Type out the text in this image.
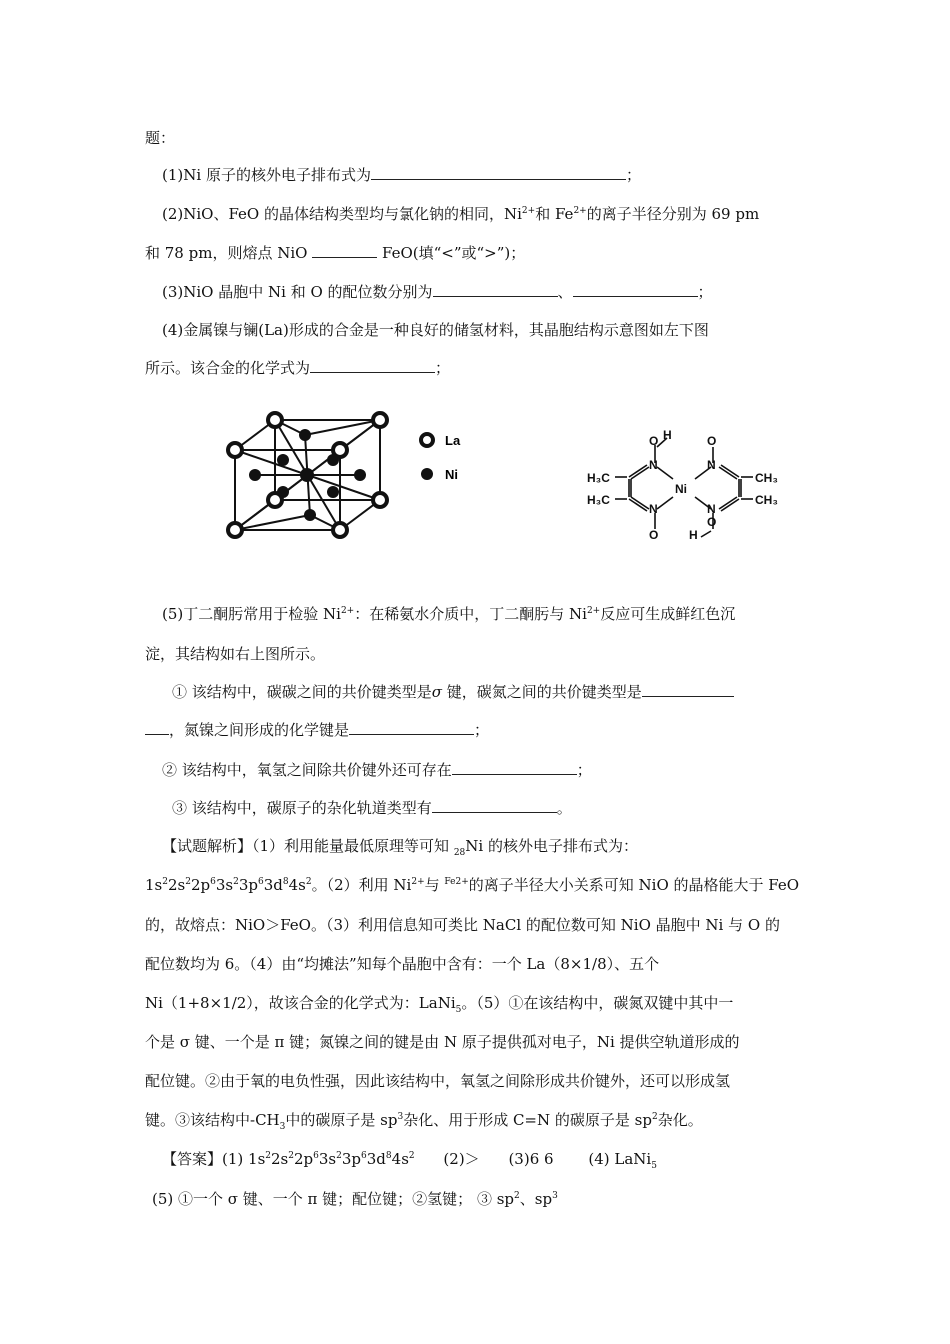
题：
(1)Ni 原子的核外电子排布式为	；
(2)NiO、FeO 的晶体结构类型均与氯化钠的相同，$Ni^{2+}$和 $Fe^{2+}$的离子半径分别为 69 pm
和 78 pm，则熔点 NiO	FeO(填“<”或“>”)；
(3)NiO 晶胞中 Ni 和 O 的配位数分别为	、	；
(4)金属镍与镧(La)形成的合金是一种良好的储氢材料，其晶胞结构示意图如左下图
所示。该合金的化学式为	；
La
Ni
H
O
N
H₃C
H₃C
N
O
Ni
O
N
CH₃
CH₃
N
O
H
(5)丁二酮肟常用于检验 $Ni^{2+}$：在稀氨水介质中，丁二酮肟与 $Ni^{2+}$反应可生成鲜红色沉
淀，其结构如右上图所示。
① 该结构中，碳碳之间的共价键类型是σ 键，碳氮之间的共价键类型是
，氮镍之间形成的化学键是	；
② 该结构中，氧氢之间除共价键外还可存在	；
③ 该结构中，碳原子的杂化轨道类型有	。
【试题解析】（1）利用能量最低原理等可知 $_{28}$Ni 的核外电子排布式为：
$1s^22s^22p^63s^23p^63d^84s^2$。（2）利用 $Ni^{2+}$与 $^{Fe2+}$的离子半径大小关系可知 NiO 的晶格能大于 FeO
的，故熔点：NiO＞FeO。（3）利用信息知可类比 NaCl 的配位数可知 NiO 晶胞中 Ni 与 O 的
配位数均为 6。（4）由“均摊法”知每个晶胞中含有：一个 La（8×1/8）、五个
Ni（1+8×1/2），故该合金的化学式为：LaNi$_5$。（5）①在该结构中，碳氮双键中其中一
个是 σ 键、一个是 π 键；氮镍之间的键是由 N 原子提供孤对电子，Ni 提供空轨道形成的
配位键。②由于氧的电负性强，因此该结构中，氧氢之间除形成共价键外，还可以形成氢
键。③该结构中$-CH_3$中的碳原子是 $sp^3$杂化、用于形成 C=N 的碳原子是 $sp^2$杂化。
【答案】(1) $1s^22s^22p^63s^23p^63d^84s^2$ (2)＞ (3)6 6 (4) LaNi$_5$
(5) ①一个 σ 键、一个 π 键；配位键；②氢键； ③ $sp^2$、$sp^3$
